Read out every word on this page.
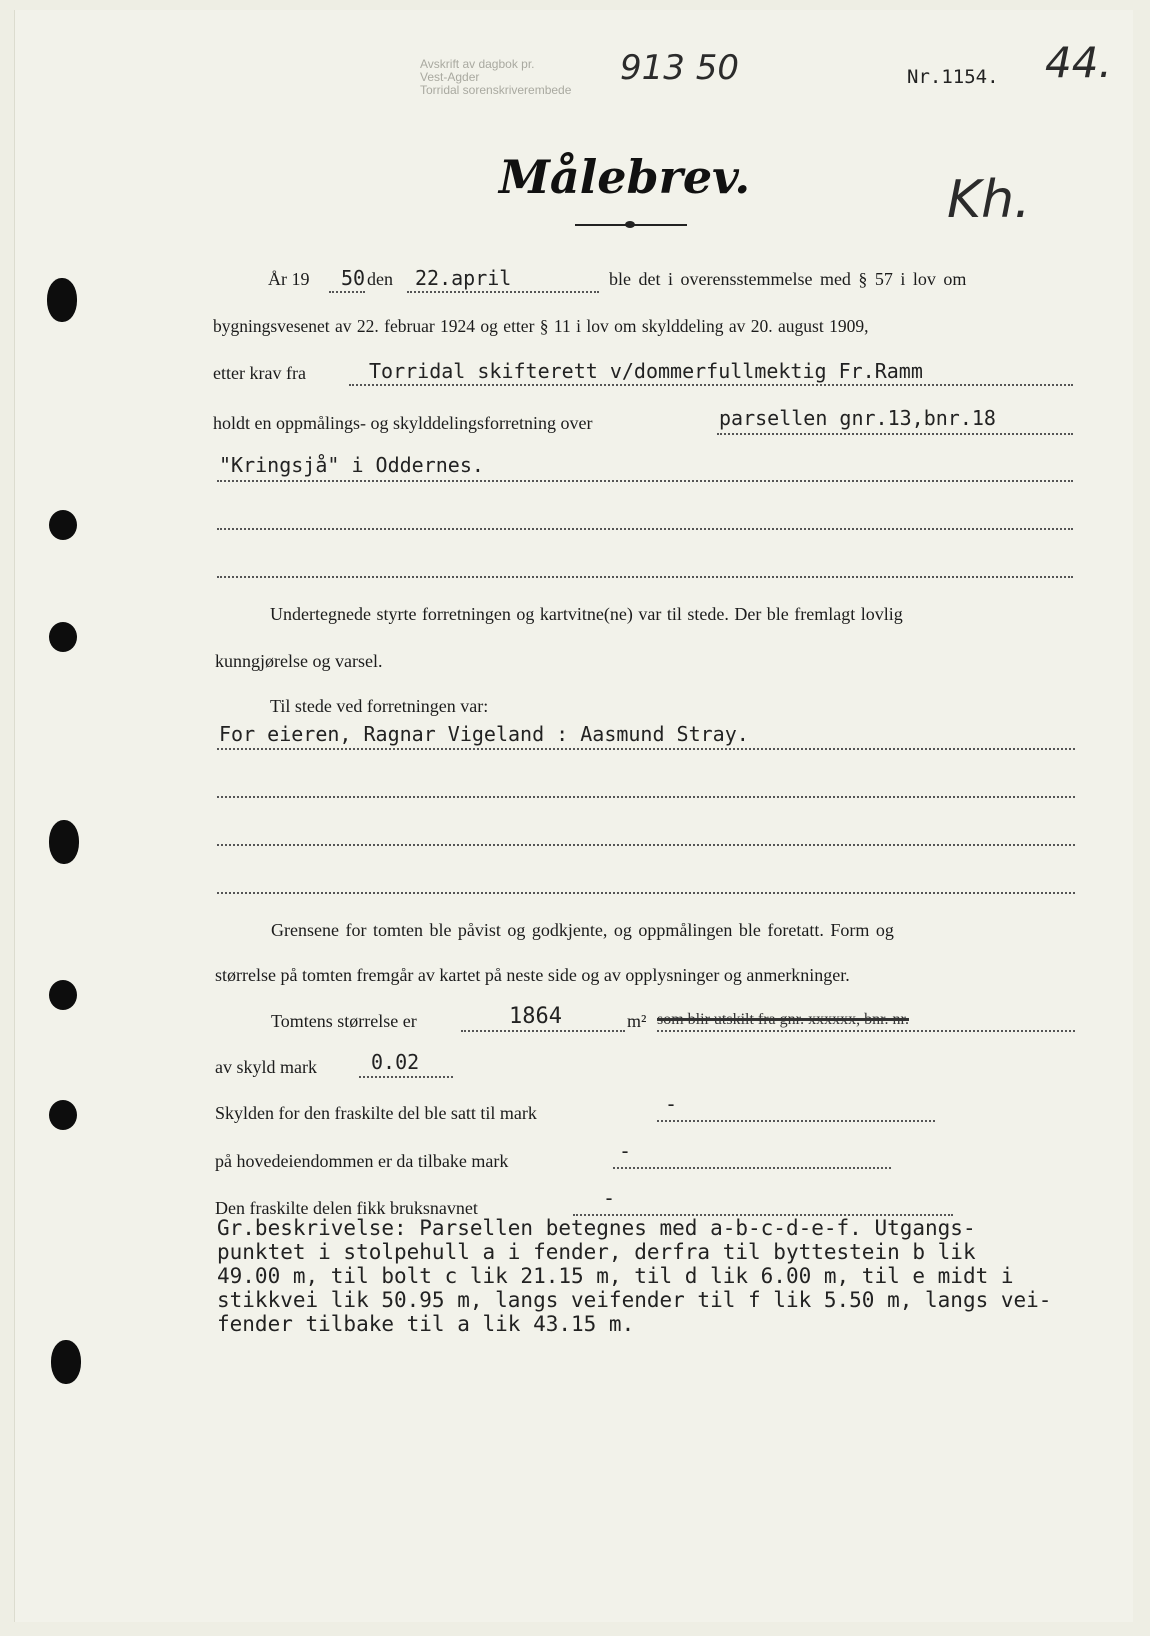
Avskrift av dagbok pr.
Vest-Agder
Torridal sorenskriverembede
913 50	Nr.1154. 44.
Målebrev.	Kh.
År 19 50 den 22.april	ble det i overensstemmelse med § 57 i lov om
bygningsvesenet av 22. februar 1924 og etter § 11 i lov om skylddeling av 20. august 1909,
etter krav fra	Torridal skifterett v/dommerfullmektig Fr.Ramm
holdt en oppmålings- og skylddelingsforretning over	parsellen gnr.13,bnr.18
"Kringsjå" i Oddernes.
Undertegnede styrte forretningen og kartvitne(ne) var til stede. Der ble fremlagt lovlig
kunngjørelse og varsel.
Til stede ved forretningen var:
For eieren, Ragnar Vigeland : Aasmund Stray.
Grensene for tomten ble påvist og godkjente, og oppmålingen ble foretatt. Form og
størrelse på tomten fremgår av kartet på neste side og av opplysninger og anmerkninger.
Tomtens størrelse er	1864	m² som blir utskilt fra gnr. xxxxxx, bnr. nr.
av skyld mark	0.02
Skylden for den fraskilte del ble satt til mark	-
på hovedeiendommen er da tilbake mark	-
Den fraskilte delen fikk bruksnavnet	-
Gr.beskrivelse: Parsellen betegnes med a-b-c-d-e-f. Utgangs-
punktet i stolpehull a i fender, derfra til byttestein b lik
49.00 m, til bolt c lik 21.15 m, til d lik 6.00 m, til e midt i
stikkvei lik 50.95 m, langs veifender til f lik 5.50 m, langs vei-
fender tilbake til a lik 43.15 m.
